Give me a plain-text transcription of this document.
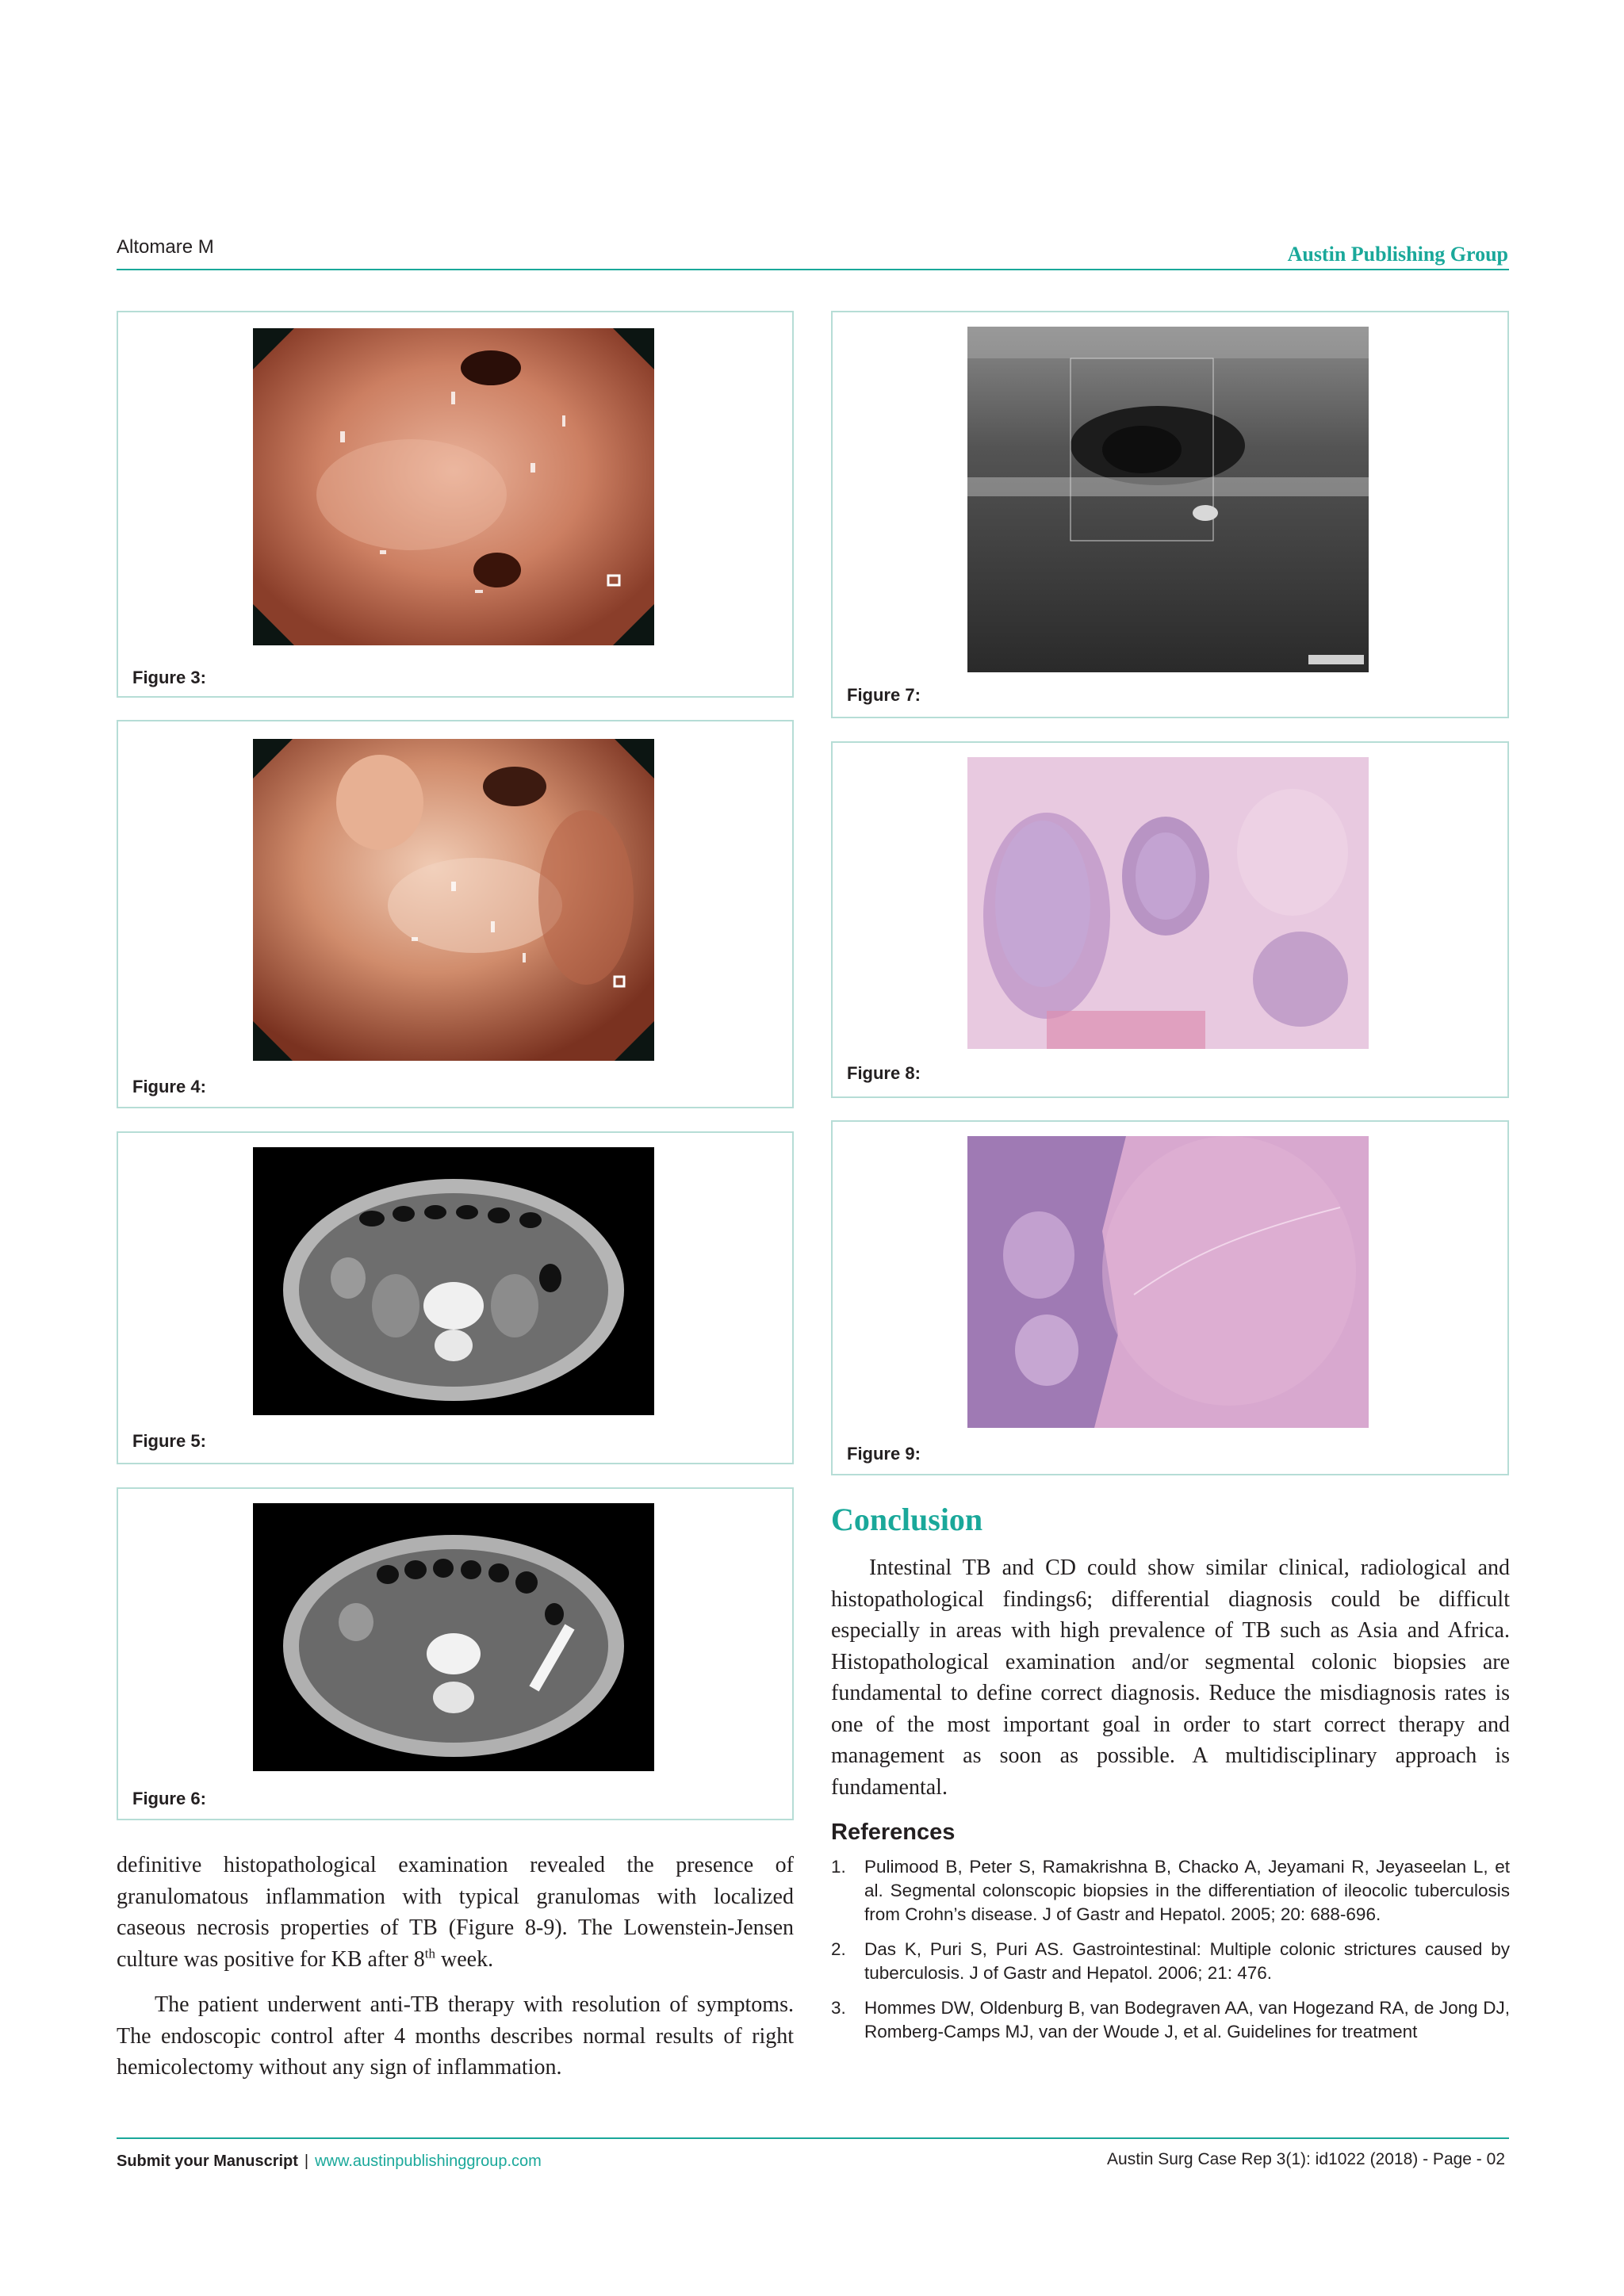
Altomare M	Austin Publishing Group
Figure 3:
Figure 4:
Figure 5:
Figure 6:
Figure 7:
Figure 8:
Figure 9:

definitive histopathological examination revealed the presence of granulomatous inflammation with typical granulomas with localized caseous necrosis properties of TB (Figure 8-9). The Lowenstein-Jensen culture was positive for KB after 8th week.

The patient underwent anti-TB therapy with resolution of symptoms. The endoscopic control after 4 months describes normal results of right hemicolectomy without any sign of inflammation.

Conclusion

Intestinal TB and CD could show similar clinical, radiological and histopathological findings6; differential diagnosis could be difficult especially in areas with high prevalence of TB such as Asia and Africa. Histopathological examination and/or segmental colonic biopsies are fundamental to define correct diagnosis. Reduce the misdiagnosis rates is one of the most important goal in order to start correct therapy and management as soon as possible. A multidisciplinary approach is fundamental.

References
1. Pulimood B, Peter S, Ramakrishna B, Chacko A, Jeyamani R, Jeyaseelan L, et al. Segmental colonscopic biopsies in the differentiation of ileocolic tuberculosis from Crohn’s disease. J of Gastr and Hepatol. 2005; 20: 688-696.
2. Das K, Puri S, Puri AS. Gastrointestinal: Multiple colonic strictures caused by tuberculosis. J of Gastr and Hepatol. 2006; 21: 476.
3. Hommes DW, Oldenburg B, van Bodegraven AA, van Hogezand RA, de Jong DJ, Romberg-Camps MJ, van der Woude J, et al. Guidelines for treatment
Submit your Manuscript | www.austinpublishinggroup.com	Austin Surg Case Rep 3(1): id1022 (2018) - Page - 02
